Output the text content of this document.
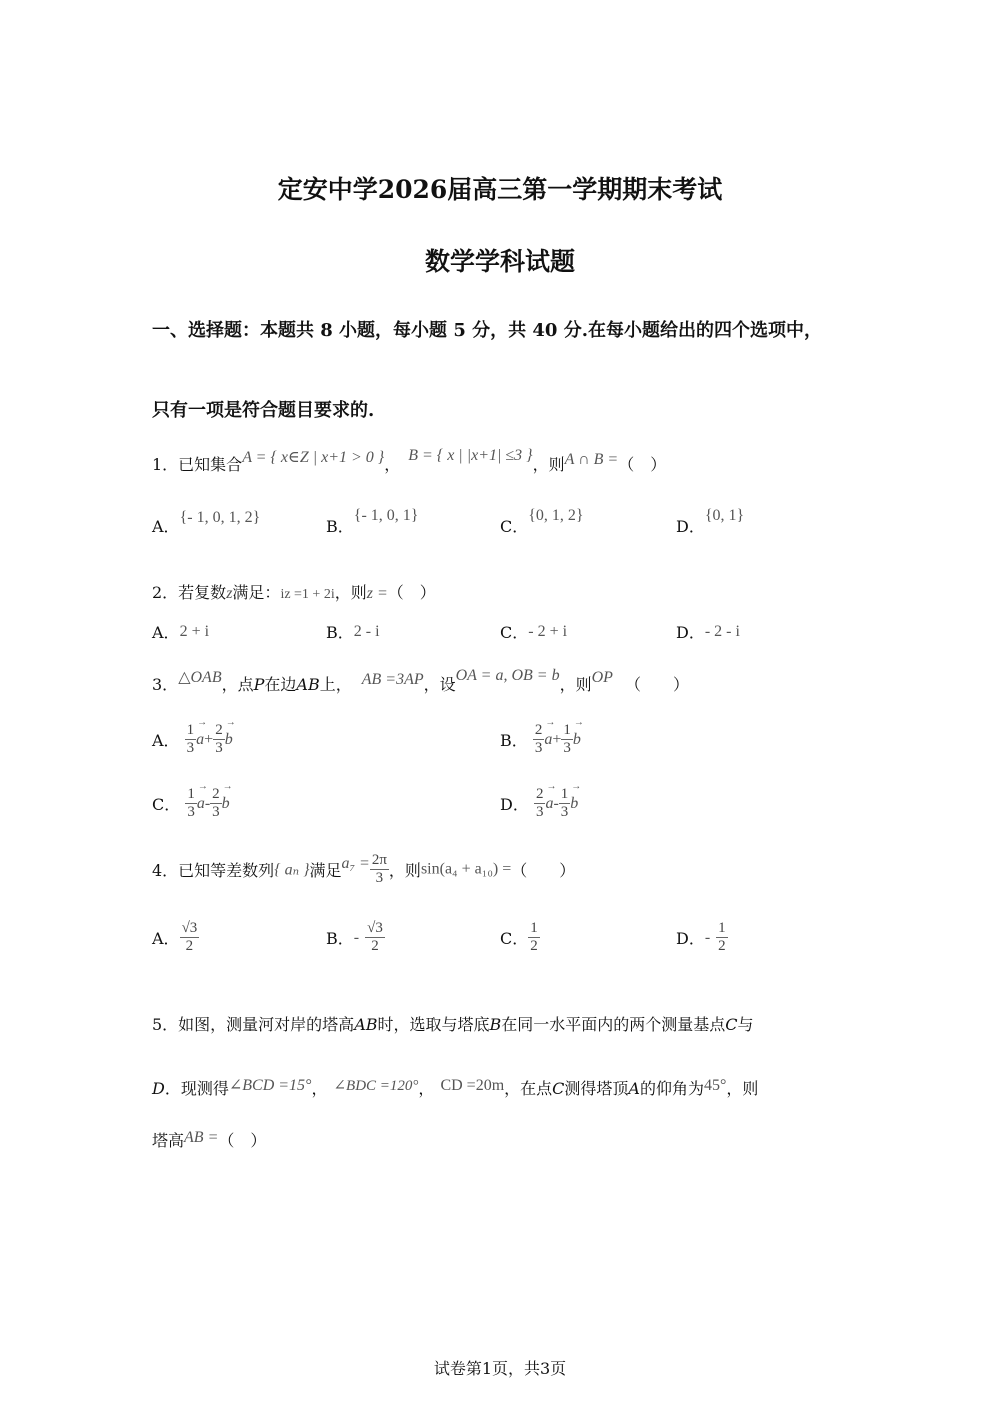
定安中学2026届高三第一学期期末考试
数学学科试题
一、选择题：本题共 8 小题，每小题 5 分，共 40 分.在每小题给出的四个选项中，
只有一项是符合题目要求的.
1．已知集合A = { x∈Z | x+1 > 0 }， B = { x | |x+1| ≤3 }，则A ∩ B =（　）
A．{- 1, 0, 1, 2}	B．{- 1, 0, 1}
C．{0, 1, 2}
D．{0, 1}
2．若复数z满足：iz =1 + 2i，则z =（　）
A．2 + i	B．2 - i	C．- 2 + i	D．- 2 - i
3．△OAB，点P在边AB上， AB =3AP，设OA = a, OB = b，则OP （　　）
A． $\frac{1}{3}$
→ $a+ \frac{2}{3}$
→ b	B． $\frac{2}{3}$
→ $a+ \frac{1}{3}$
→ b
C． $\frac{1}{3}$
→ $a- \frac{2}{3}$
→ b	D． $\frac{2}{3}$
→ $a- \frac{1}{3}$
→ b
4．已知等差数列{ aₙ }满足$a_7 = \frac{2\pi}{3}$ ，则sin(a₄ + a₁₀) =（　　）
A． $\frac{√3}{2}$	B．- $\frac{√3}{2}$	C． $\frac{1}{2}$	D．- $\frac{1}{2}$
5．如图，测量河对岸的塔高AB时，选取与塔底B在同一水平面内的两个测量基点C与
D．现测得∠BCD =15°， ∠BDC =120°， CD =20m，在点C测得塔顶A的仰角为45°，则
塔高AB =（　）
试卷第1页，共3页
